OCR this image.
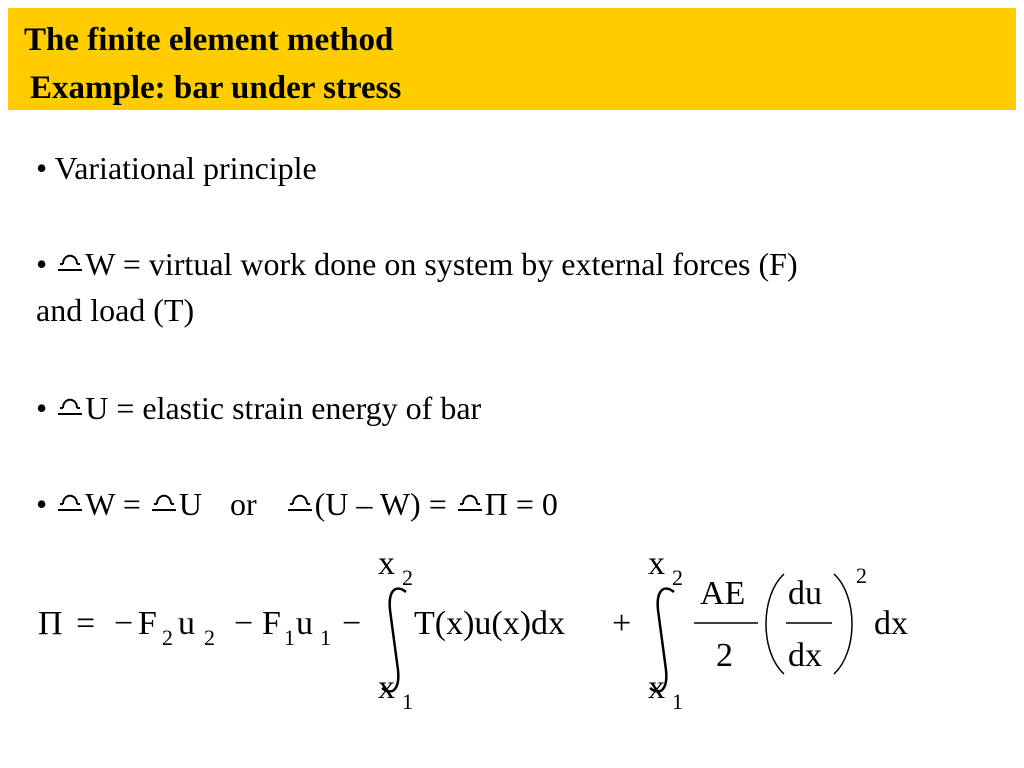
The finite element method
Example: bar under stress
• Variational principle
•
W = virtual work done on system by external forces (F)
and load (T)
•
U = elastic strain energy of bar
•
W =
U or (U – W) =
Π = 0
Π = − F 2 u 2 − F 1 u 1 −
x 2
x 1
T(x)u(x)dx +
x 2
x 1
AE
2
du
dx
2
dx
